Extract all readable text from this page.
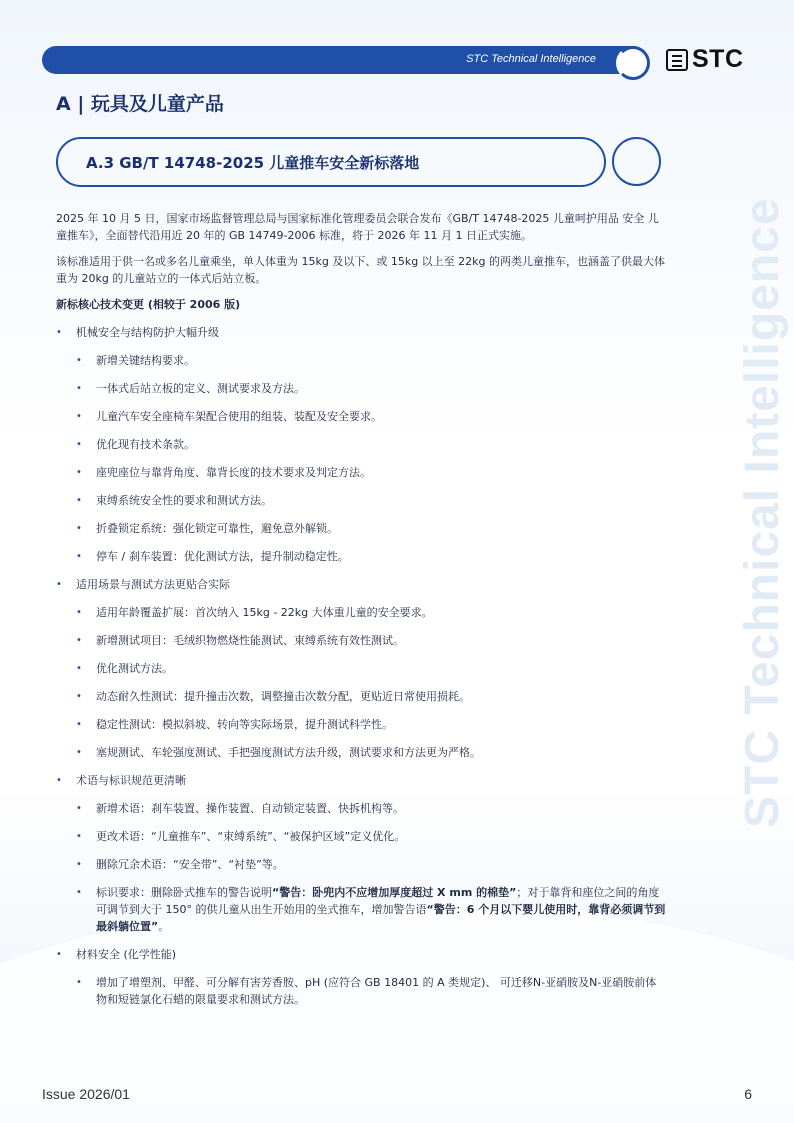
STC Technical Intelligence	STC
STC Technical Intelligence
A | 玩具及儿童产品
A.3 GB/T 14748-2025 儿童推车安全新标落地

2025 年 10 月 5 日，国家市场监督管理总局与国家标准化管理委员会联合发布《GB/T 14748-2025 儿童呵护用品 安全 儿童推车》，全面替代沿用近 20 年的 GB 14749-2006 标准，将于 2026 年 11 月 1 日正式实施。

该标准适用于供一名或多名儿童乘坐，单人体重为 15kg 及以下、或 15kg 以上至 22kg 的两类儿童推车，也涵盖了供最大体重为 20kg 的儿童站立的一体式后站立板。

新标核心技术变更 (相较于 2006 版)

• 机械安全与结构防护大幅升级
• 新增关键结构要求。
• 一体式后站立板的定义、测试要求及方法。
• 儿童汽车安全座椅车架配合使用的组装、装配及安全要求。
• 优化现有技术条款。
• 座兜座位与靠背角度、靠背长度的技术要求及判定方法。
• 束缚系统安全性的要求和测试方法。
• 折叠锁定系统：强化锁定可靠性，避免意外解锁。
• 停车 / 刹车装置：优化测试方法，提升制动稳定性。
• 适用场景与测试方法更贴合实际
• 适用年龄覆盖扩展：首次纳入 15kg - 22kg 大体重儿童的安全要求。
• 新增测试项目：毛绒织物燃烧性能测试、束缚系统有效性测试。
• 优化测试方法。
• 动态耐久性测试：提升撞击次数，调整撞击次数分配，更贴近日常使用损耗。
• 稳定性测试：模拟斜坡、转向等实际场景，提升测试科学性。
• 塞规测试、车轮强度测试、手把强度测试方法升级，测试要求和方法更为严格。
• 术语与标识规范更清晰
• 新增术语：刹车装置、操作装置、自动锁定装置、快拆机构等。
• 更改术语：“儿童推车”、“束缚系统”、“被保护区域”定义优化。
• 删除冗余术语：“安全带”、“衬垫”等。
• 标识要求：删除卧式推车的警告说明“警告：卧兜内不应增加厚度超过 X mm 的棉垫”；对于靠背和座位之间的角度可调节到大于 150° 的供儿童从出生开始用的坐式推车，增加警告语“警告：6 个月以下婴儿使用时，靠背必须调节到最斜躺位置”。
• 材料安全 (化学性能)
• 增加了增塑剂、甲醛、可分解有害芳香胺、pH (应符合 GB 18401 的 A 类规定)、 可迁移N-亚硝胺及N-亚硝胺前体物和短链氯化石蜡的限量要求和测试方法。
Issue 2026/01	6
